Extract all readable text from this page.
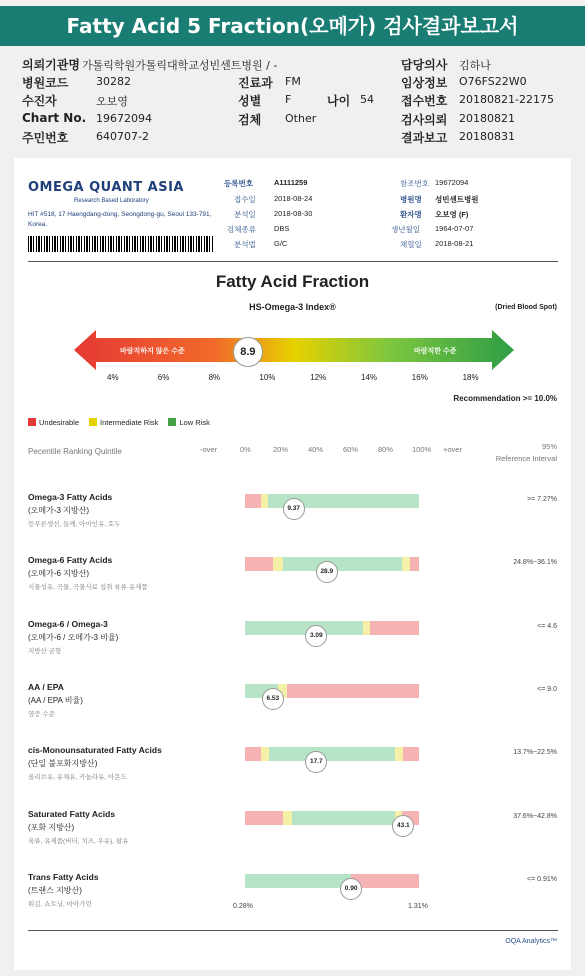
Fatty Acid 5 Fraction(오메가) 검사결과보고서
의뢰기관명 가톨릭학원가톨릭대학교성빈센트병원 / -
병원코드	30282
수진자	오보영
Chart No. 19672094
주민번호	640707-2
진료과 FM
성별 F	나이 54
검체 Other
담당의사 김하나
임상정보 O76FS22W0
접수번호 20180821-22175
검사의뢰 20180821
결과보고 20180831
OMEGA QUANT ASIA
Research Based Laboratory
HIT #518, 17 Haengdang-dong, Seongdong-gu, Seoul 133-791, Korea.
등록번호	A1111259
접수일 2018-08-24
분석일 2018-08-30
검체종류 DBS
분석법 G/C
참조번호 19672094
병원명 성빈센트병원
환자명 오보영 (F)
생년월일 1964-07-07
채혈일 2018-08-21
Fatty Acid Fraction
HS-Omega-3 Index®	(Dried Blood Spot)
바람직하지 않은 수준	바람직한 수준
8.9
4%	6%	8%	10%	12%	14%	16%	18%
Recommendation >= 10.0%
Undesirable	Intermediate Risk	Low Risk
Pecentile Ranking Quintile	-over	0%	20%	40%	60%	80%	100% +over	95%
Reference Interval
Omega-3 Fatty Acids
(오메가-3 지방산)
등푸른생선, 들깨, 아마인유, 호두
>= 7.27%
9.37
Omega-6 Fatty Acids
(오메가-6 지방산)
식물성유, 곡물, 곡물사료 섭취 육류·유제품
24.8%~36.1%
28.9
Omega-6 / Omega-3
(오메가-6 / 오메가-3 비율)
지방산 균형
<= 4.6
3.09
AA / EPA
(AA / EPA 비율)
염증 수준
<= 9.0
6.53
cis-Monounsaturated Fatty Acids
(단일 불포화지방산)
올리브유, 유채유, 카놀라유, 아몬드
13.7%~22.5%
17.7
Saturated Fatty Acids
(포화 지방산)
육류, 유제품(버터, 치즈, 우유), 팜유
37.6%~42.8%
43.1
Trans Fatty Acids
(트랜스 지방산)
튀김, 쇼트닝, 마아가린
<= 0.91%
0.90
0.28%	1.31%
OQA Analytics™
